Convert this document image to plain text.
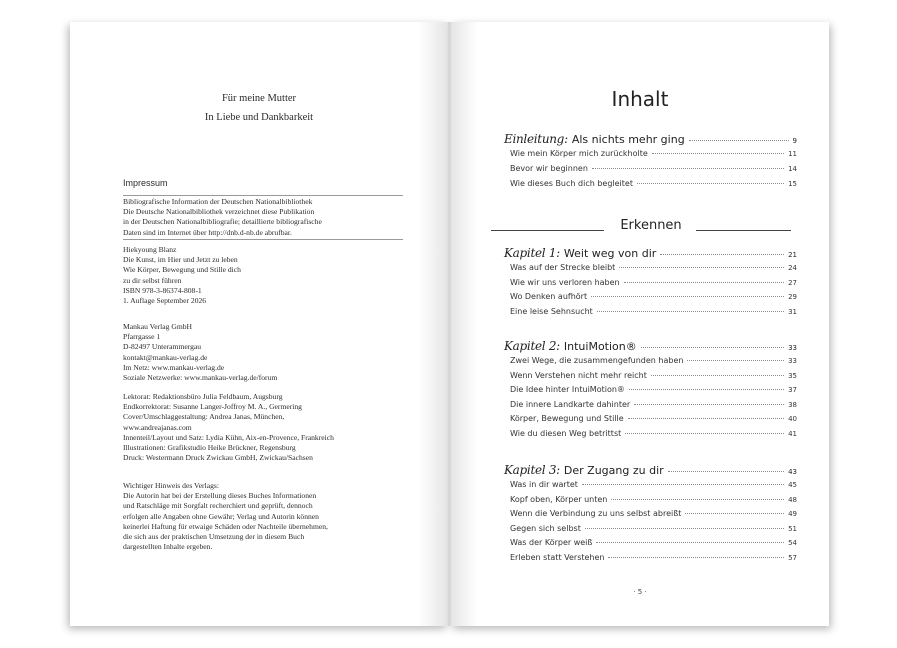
Für meine Mutter
In Liebe und Dankbarkeit
Impressum
Bibliografische Information der Deutschen Nationalbibliothek
Die Deutsche Nationalbibliothek verzeichnet diese Publikation
in der Deutschen Nationalbibliografie; detaillierte bibliografische
Daten sind im Internet über http://dnb.d-nb.de abrufbar.
Hiekyoung Blanz
Die Kunst, im Hier und Jetzt zu leben
Wie Körper, Bewegung und Stille dich
zu dir selbst führen
ISBN 978-3-86374-808-1
1. Auflage September 2026
Mankau Verlag GmbH
Pfarrgasse 1
D-82497 Unterammergau
kontakt@mankau-verlag.de
Im Netz: www.mankau-verlag.de
Soziale Netzwerke: www.mankau-verlag.de/forum
Lektorat: Redaktionsbüro Julia Feldbaum, Augsburg
Endkorrektorat: Susanne Langer-Joffroy M. A., Germering
Cover/Umschlaggestaltung: Andrea Janas, München,
www.andreajanas.com
Innenteil/Layout und Satz: Lydia Kühn, Aix-en-Provence, Frankreich
Illustrationen: Grafikstudio Heike Brückner, Regensburg
Druck: Westermann Druck Zwickau GmbH, Zwickau/Sachsen
Wichtiger Hinweis des Verlags:
Die Autorin hat bei der Erstellung dieses Buches Informationen
und Ratschläge mit Sorgfalt recherchiert und geprüft, dennoch
erfolgen alle Angaben ohne Gewähr; Verlag und Autorin können
keinerlei Haftung für etwaige Schäden oder Nachteile übernehmen,
die sich aus der praktischen Umsetzung der in diesem Buch
dargestellten Inhalte ergeben.
Inhalt
Erkennen
Einleitung: Als nichts mehr ging	9
Wie mein Körper mich zurückholte	11
Bevor wir beginnen	14
Wie dieses Buch dich begleitet	15
Kapitel 1: Weit weg von dir	21
Was auf der Strecke bleibt	24
Wie wir uns verloren haben	27
Wo Denken aufhört	29
Eine leise Sehnsucht	31
Kapitel 2: IntuiMotion®	33
Zwei Wege, die zusammengefunden haben	33
Wenn Verstehen nicht mehr reicht	35
Die Idee hinter IntuiMotion®	37
Die innere Landkarte dahinter	38
Körper, Bewegung und Stille	40
Wie du diesen Weg betrittst	41
Kapitel 3: Der Zugang zu dir	43
Was in dir wartet	45
Kopf oben, Körper unten	48
Wenn die Verbindung zu uns selbst abreißt	49
Gegen sich selbst	51
Was der Körper weiß	54
Erleben statt Verstehen	57
· 5 ·
